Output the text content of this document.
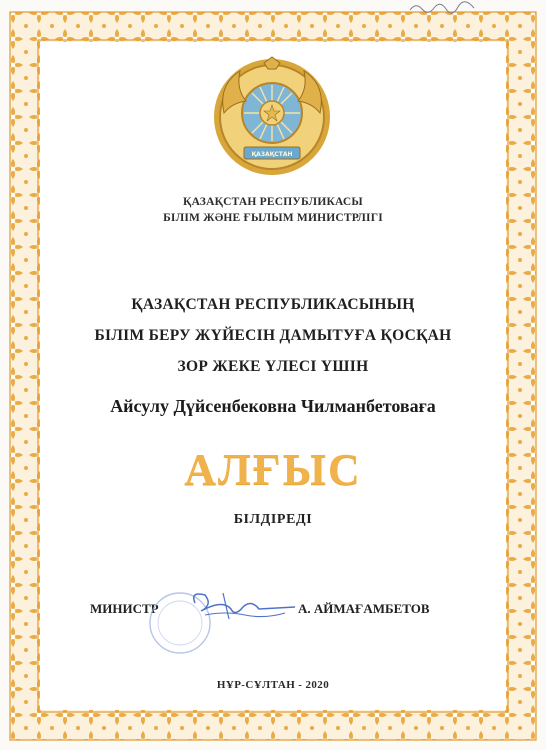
ҚАЗАҚСТАН
ҚАЗАҚСТАН РЕСПУБЛИКАСЫ
БІЛІМ ЖӘНЕ ҒЫЛЫМ МИНИСТРЛІГІ
ҚАЗАҚСТАН РЕСПУБЛИКАСЫНЫҢ
БІЛІМ БЕРУ ЖҮЙЕСІН ДАМЫТУҒА ҚОСҚАН
ЗОР ЖЕКЕ ҮЛЕСІ ҮШІН
Айсулу Дүйсенбековна Чилманбетоваға
АЛҒЫС
БІЛДІРЕДІ
МИНИСТР	А. АЙМАҒАМБЕТОВ
НҰР-СҰЛТАН - 2020
